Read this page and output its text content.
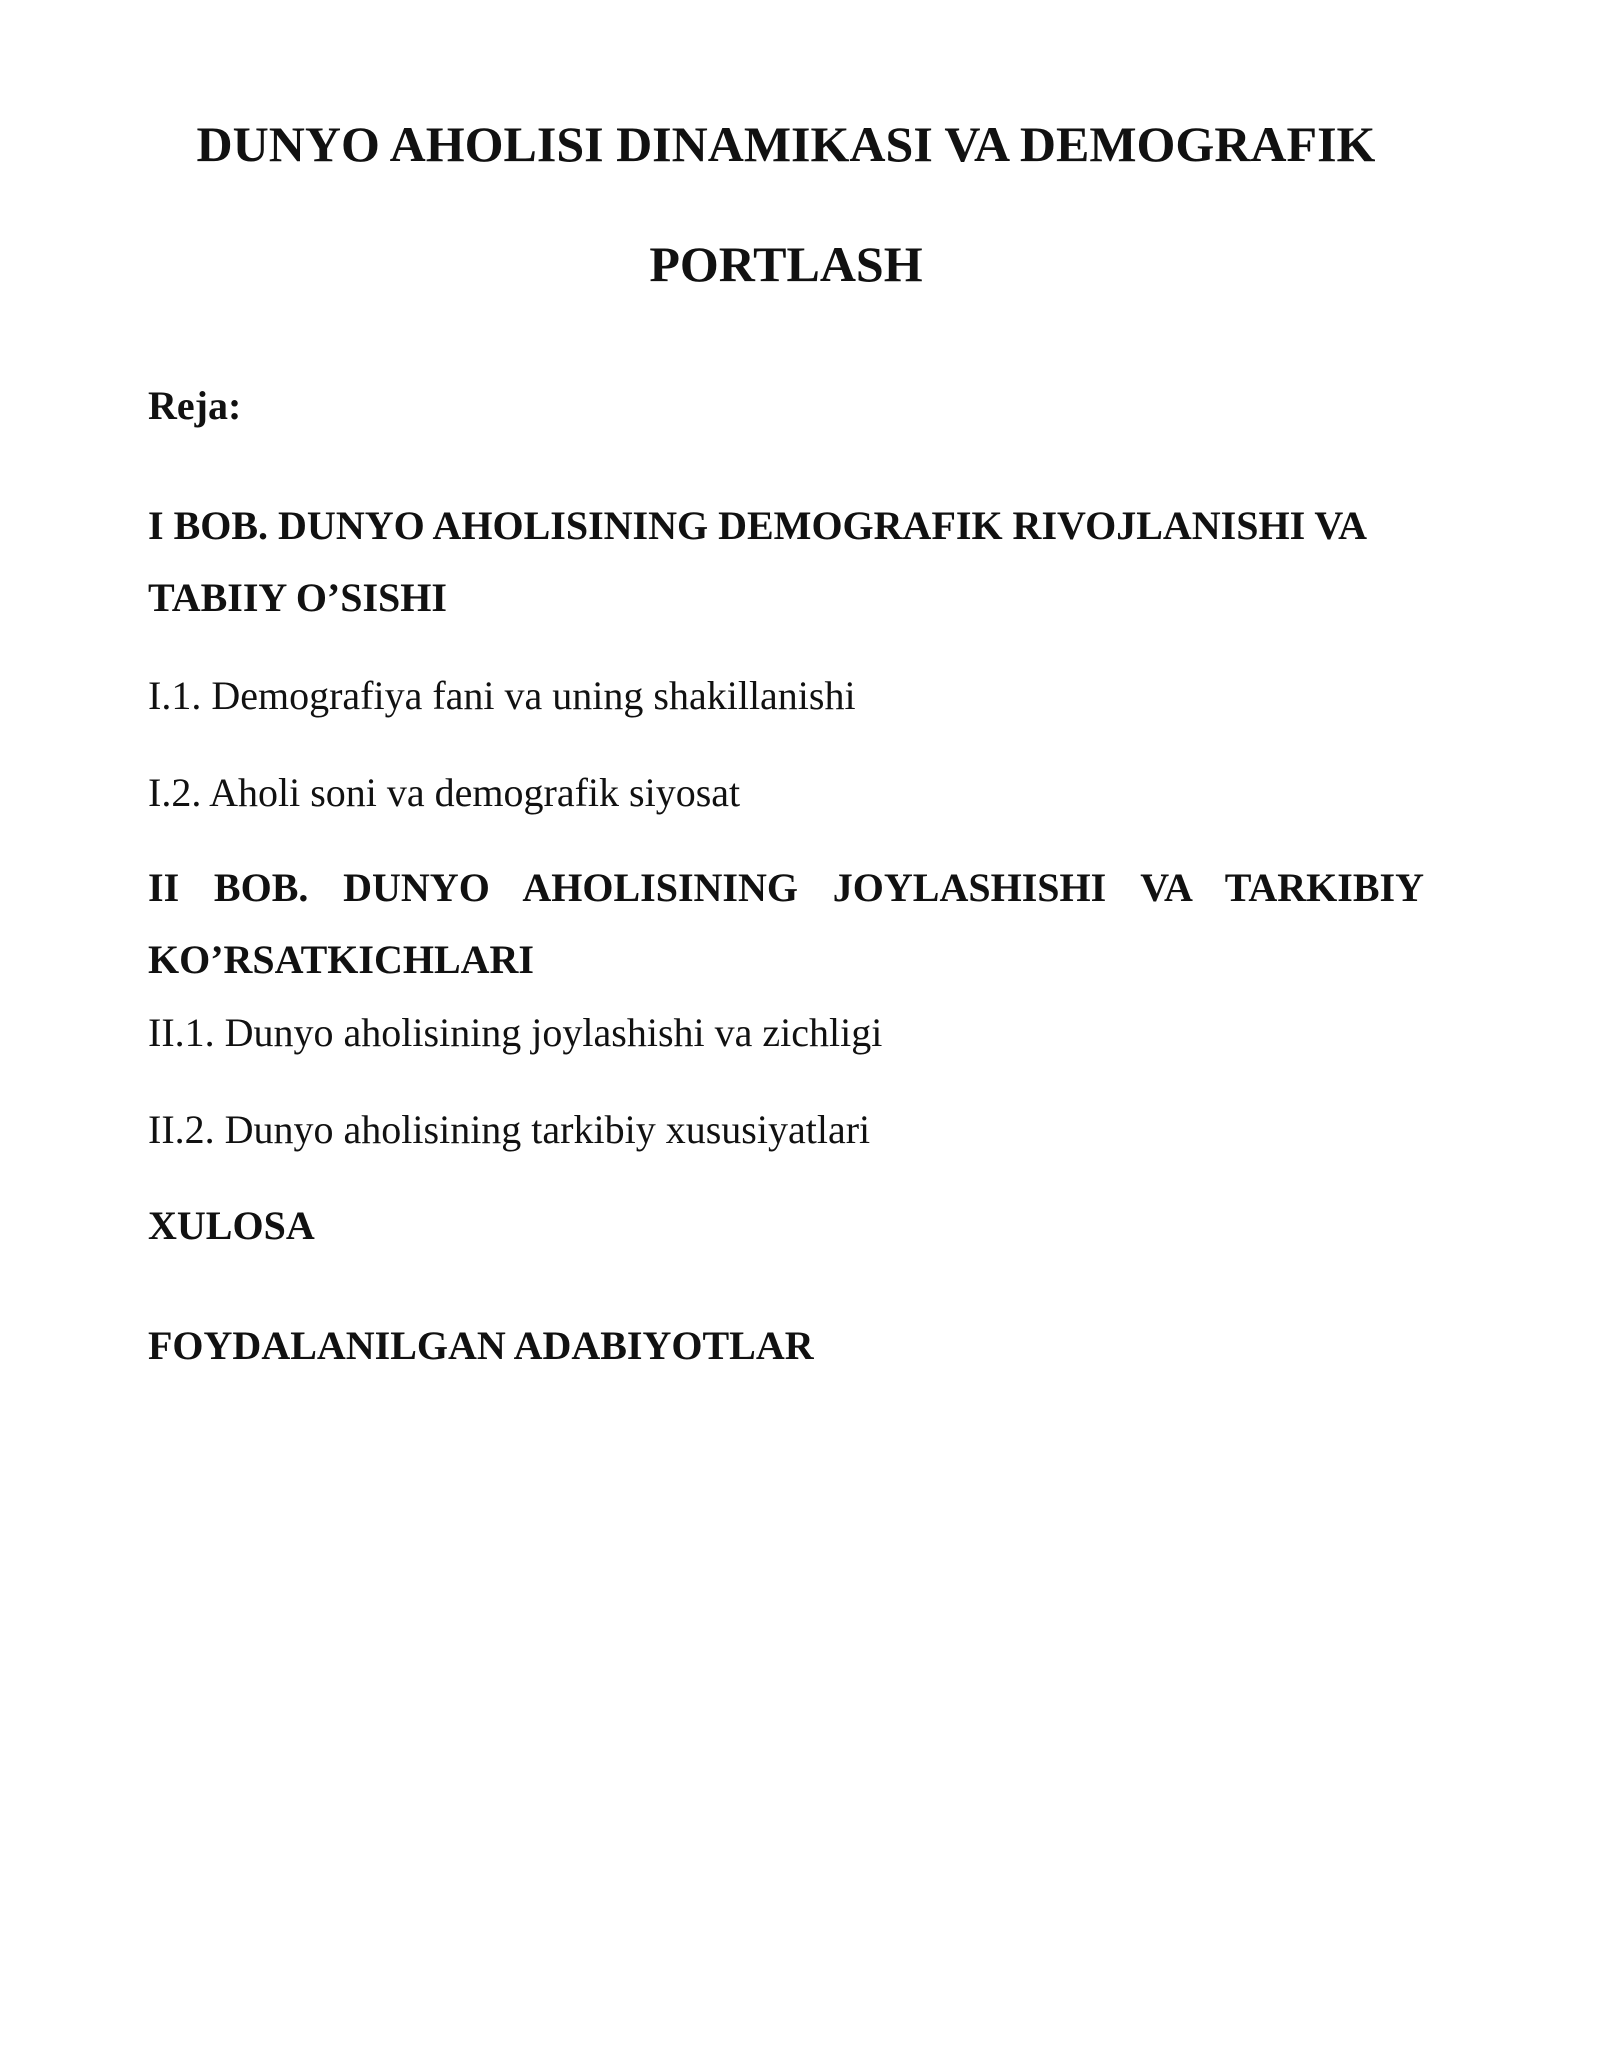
DUNYO AHOLISI DINAMIKASI VA DEMOGRAFIK
PORTLASH
Reja:
I BOB. DUNYO AHOLISINING DEMOGRAFIK RIVOJLANISHI VA
TABIIY O’SISHI
I.1. Demografiya fani va uning shakillanishi
I.2. Aholi soni va demografik siyosat
II BOB. DUNYO AHOLISINING JOYLASHISHI VA TARKIBIY KO’RSATKICHLARI
II.1. Dunyo aholisining joylashishi va zichligi
II.2. Dunyo aholisining tarkibiy xususiyatlari
XULOSA
FOYDALANILGAN ADABIYOTLAR
